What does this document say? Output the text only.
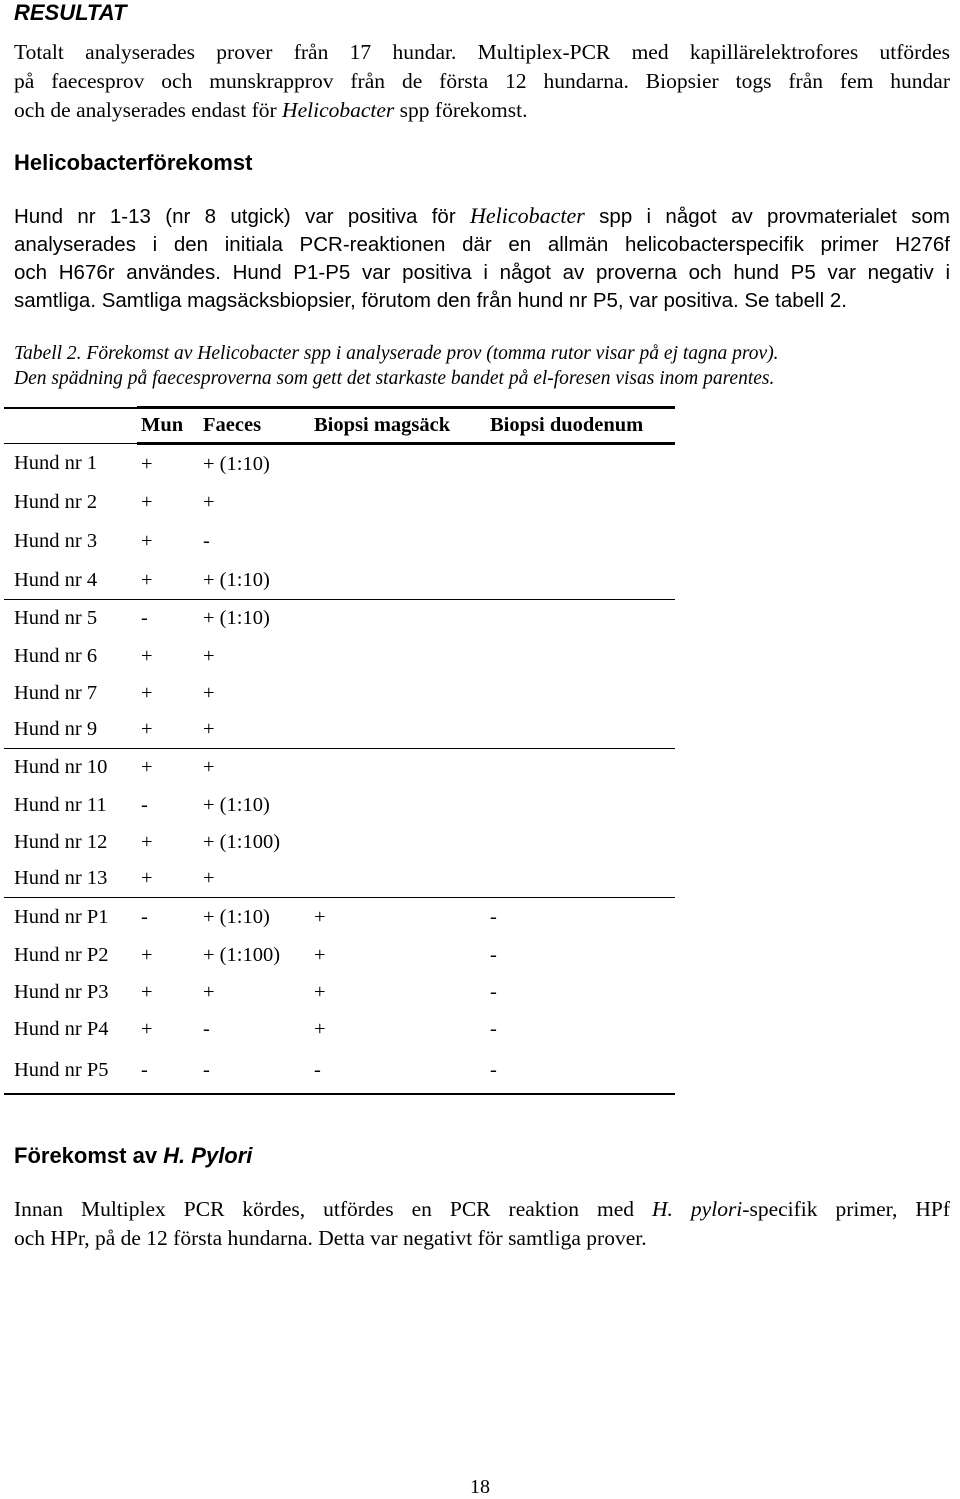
RESULTAT
Totalt analyserades prover från 17 hundar. Multiplex-PCR med kapillärelektrofores utfördes
på faecesprov och munskrapprov från de första 12 hundarna. Biopsier togs från fem hundar
och de analyserades endast för Helicobacter spp förekomst.
Helicobacterförekomst
Hund nr 1-13 (nr 8 utgick) var positiva för Helicobacter spp i något av provmaterialet som
analyserades i den initiala PCR-reaktionen där en allmän helicobacterspecifik primer H276f
och H676r användes. Hund P1-P5 var positiva i något av proverna och hund P5 var negativ i
samtliga. Samtliga magsäcksbiopsier, förutom den från hund nr P5, var positiva. Se tabell 2.
Tabell 2. Förekomst av Helicobacter spp i analyserade prov (tomma rutor visar på ej tagna prov).
Den spädning på faecesproverna som gett det starkaste bandet på el-foresen visas inom parentes.
	Mun	Faeces	Biopsi magsäck	Biopsi duodenum
Hund nr 1	+	+ (1:10)		
Hund nr 2	+	+		
Hund nr 3	+	-		
Hund nr 4	+	+ (1:10)		
Hund nr 5	-	+ (1:10)		
Hund nr 6	+	+		
Hund nr 7	+	+		
Hund nr 9	+	+		
Hund nr 10	+	+		
Hund nr 11	-	+ (1:10)		
Hund nr 12	+	+ (1:100)		
Hund nr 13	+	+		
Hund nr P1	-	+ (1:10)	+	-
Hund nr P2	+	+ (1:100)	+	-
Hund nr P3	+	+	+	-
Hund nr P4	+	-	+	-
Hund nr P5	-	-	-	-
Förekomst av H. Pylori
Innan Multiplex PCR kördes, utfördes en PCR reaktion med H. pylori-specifik primer, HPf
och HPr, på de 12 första hundarna. Detta var negativt för samtliga prover.
18
